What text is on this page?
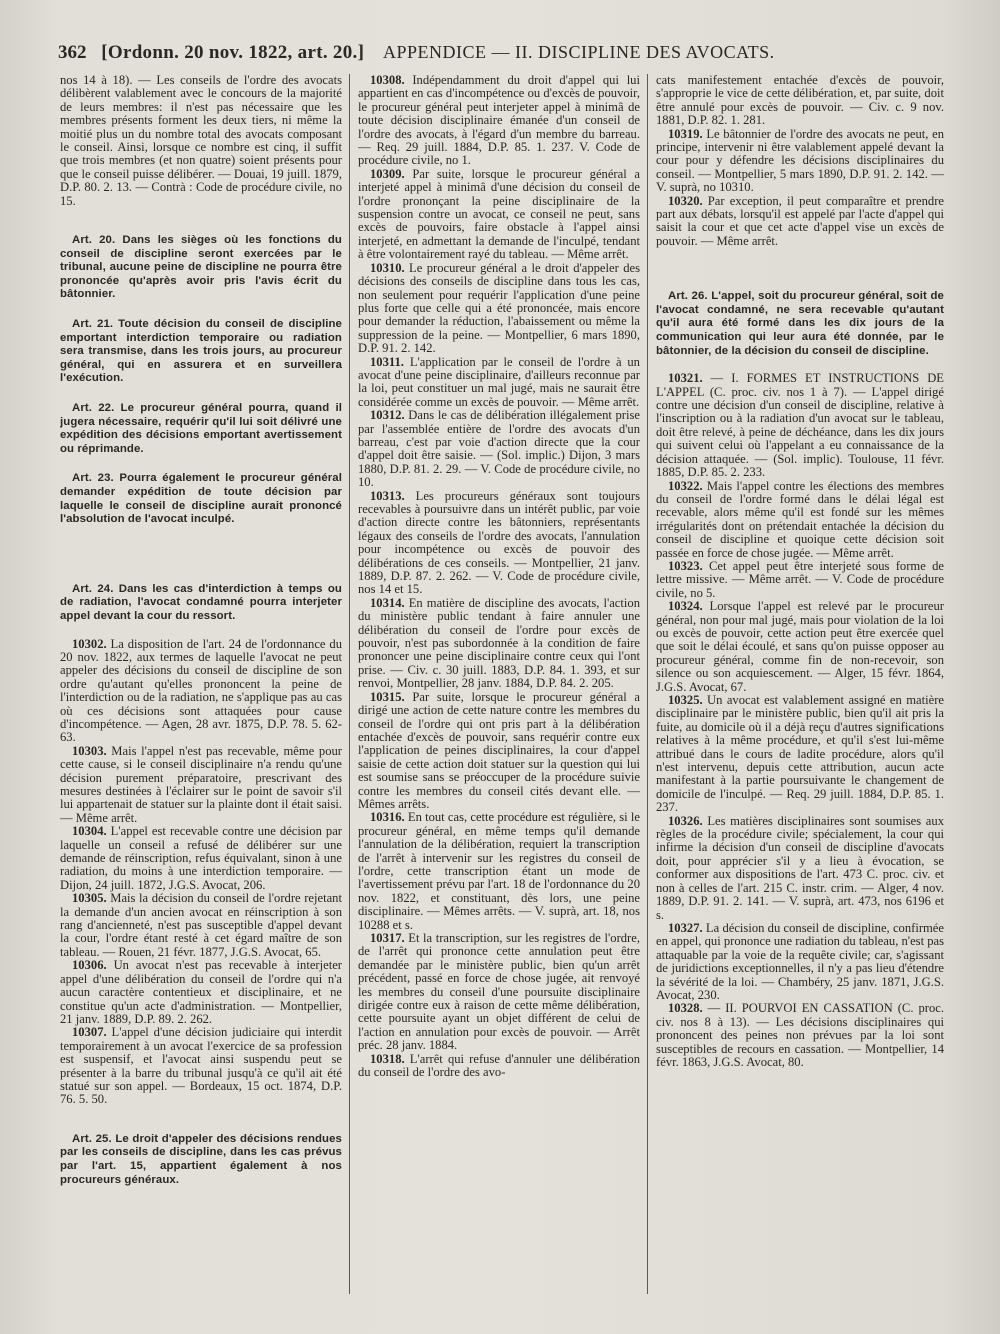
362 [Ordonn. 20 nov. 1822, art. 20.] APPENDICE — II. DISCIPLINE DES AVOCATS.

nos 14 à 18). — Les conseils de l'ordre des avocats délibèrent valablement avec le concours de la majorité de leurs membres: il n'est pas nécessaire que les membres présents forment les deux tiers, ni même la moitié plus un du nombre total des avocats composant le conseil. Ainsi, lorsque ce nombre est cinq, il suffit que trois membres (et non quatre) soient présents pour que le conseil puisse délibérer. — Douai, 19 juill. 1879, D.P. 80. 2. 13. — Contrà : Code de procédure civile, no 15.

Art. 20. Dans les sièges où les fonctions du conseil de discipline seront exercées par le tribunal, aucune peine de discipline ne pourra être prononcée qu'après avoir pris l'avis écrit du bâtonnier.

Art. 21. Toute décision du conseil de discipline emportant interdiction temporaire ou radiation sera transmise, dans les trois jours, au procureur général, qui en assurera et en surveillera l'exécution.

Art. 22. Le procureur général pourra, quand il jugera nécessaire, requérir qu'il lui soit délivré une expédition des décisions emportant avertissement ou réprimande.

Art. 23. Pourra également le procureur général demander expédition de toute décision par laquelle le conseil de discipline aurait prononcé l'absolution de l'avocat inculpé.

Art. 24. Dans les cas d'interdiction à temps ou de radiation, l'avocat condamné pourra interjeter appel devant la cour du ressort.

10302. La disposition de l'art. 24 de l'ordonnance du 20 nov. 1822, aux termes de laquelle l'avocat ne peut appeler des décisions du conseil de discipline de son ordre qu'autant qu'elles prononcent la peine de l'interdiction ou de la radiation, ne s'applique pas au cas où ces décisions sont attaquées pour cause d'incompétence. — Agen, 28 avr. 1875, D.P. 78. 5. 62-63.

10303. Mais l'appel n'est pas recevable, même pour cette cause, si le conseil disciplinaire n'a rendu qu'une décision purement préparatoire, prescrivant des mesures destinées à l'éclairer sur le point de savoir s'il lui appartenait de statuer sur la plainte dont il était saisi. — Même arrêt.

10304. L'appel est recevable contre une décision par laquelle un conseil a refusé de délibérer sur une demande de réinscription, refus équivalant, sinon à une radiation, du moins à une interdiction temporaire. — Dijon, 24 juill. 1872, J.G.S. Avocat, 206.

10305. Mais la décision du conseil de l'ordre rejetant la demande d'un ancien avocat en réinscription à son rang d'ancienneté, n'est pas susceptible d'appel devant la cour, l'ordre étant resté à cet égard maître de son tableau. — Rouen, 21 févr. 1877, J.G.S. Avocat, 65.

10306. Un avocat n'est pas recevable à interjeter appel d'une délibération du conseil de l'ordre qui n'a aucun caractère contentieux et disciplinaire, et ne constitue qu'un acte d'administration. — Montpellier, 21 janv. 1889, D.P. 89. 2. 262.

10307. L'appel d'une décision judiciaire qui interdit temporairement à un avocat l'exercice de sa profession est suspensif, et l'avocat ainsi suspendu peut se présenter à la barre du tribunal jusqu'à ce qu'il ait été statué sur son appel. — Bordeaux, 15 oct. 1874, D.P. 76. 5. 50.

Art. 25. Le droit d'appeler des décisions rendues par les conseils de discipline, dans les cas prévus par l'art. 15, appartient également à nos procureurs généraux.

10308. Indépendamment du droit d'appel qui lui appartient en cas d'incompétence ou d'excès de pouvoir, le procureur général peut interjeter appel à minimâ de toute décision disciplinaire émanée d'un conseil de l'ordre des avocats, à l'égard d'un membre du barreau. — Req. 29 juill. 1884, D.P. 85. 1. 237. V. Code de procédure civile, no 1.

10309. Par suite, lorsque le procureur général a interjeté appel à minimâ d'une décision du conseil de l'ordre prononçant la peine disciplinaire de la suspension contre un avocat, ce conseil ne peut, sans excès de pouvoirs, faire obstacle à l'appel ainsi interjeté, en admettant la demande de l'inculpé, tendant à être volontairement rayé du tableau. — Même arrêt.

10310. Le procureur général a le droit d'appeler des décisions des conseils de discipline dans tous les cas, non seulement pour requérir l'application d'une peine plus forte que celle qui a été prononcée, mais encore pour demander la réduction, l'abaissement ou même la suppression de la peine. — Montpellier, 6 mars 1890, D.P. 91. 2. 142.

10311. L'application par le conseil de l'ordre à un avocat d'une peine disciplinaire, d'ailleurs reconnue par la loi, peut constituer un mal jugé, mais ne saurait être considérée comme un excès de pouvoir. — Même arrêt.

10312. Dans le cas de délibération illégalement prise par l'assemblée entière de l'ordre des avocats d'un barreau, c'est par voie d'action directe que la cour d'appel doit être saisie. — (Sol. implic.) Dijon, 3 mars 1880, D.P. 81. 2. 29. — V. Code de procédure civile, no 10.

10313. Les procureurs généraux sont toujours recevables à poursuivre dans un intérêt public, par voie d'action directe contre les bâtonniers, représentants légaux des conseils de l'ordre des avocats, l'annulation pour incompétence ou excès de pouvoir des délibérations de ces conseils. — Montpellier, 21 janv. 1889, D.P. 87. 2. 262. — V. Code de procédure civile, nos 14 et 15.

10314. En matière de discipline des avocats, l'action du ministère public tendant à faire annuler une délibération du conseil de l'ordre pour excès de pouvoir, n'est pas subordonnée à la condition de faire prononcer une peine disciplinaire contre ceux qui l'ont prise. — Civ. c. 30 juill. 1883, D.P. 84. 1. 393, et sur renvoi, Montpellier, 28 janv. 1884, D.P. 84. 2. 205.

10315. Par suite, lorsque le procureur général a dirigé une action de cette nature contre les membres du conseil de l'ordre qui ont pris part à la délibération entachée d'excès de pouvoir, sans requérir contre eux l'application de peines disciplinaires, la cour d'appel saisie de cette action doit statuer sur la question qui lui est soumise sans se préoccuper de la procédure suivie contre les membres du conseil cités devant elle. — Mêmes arrêts.

10316. En tout cas, cette procédure est régulière, si le procureur général, en même temps qu'il demande l'annulation de la délibération, requiert la transcription de l'arrêt à intervenir sur les registres du conseil de l'ordre, cette transcription étant un mode de l'avertissement prévu par l'art. 18 de l'ordonnance du 20 nov. 1822, et constituant, dès lors, une peine disciplinaire. — Mêmes arrêts. — V. suprà, art. 18, nos 10288 et s.

10317. Et la transcription, sur les registres de l'ordre, de l'arrêt qui prononce cette annulation peut être demandée par le ministère public, bien qu'un arrêt précédent, passé en force de chose jugée, ait renvoyé les membres du conseil d'une poursuite disciplinaire dirigée contre eux à raison de cette même délibération, cette poursuite ayant un objet différent de celui de l'action en annulation pour excès de pouvoir. — Arrêt préc. 28 janv. 1884.

10318. L'arrêt qui refuse d'annuler une délibération du conseil de l'ordre des avo-

cats manifestement entachée d'excès de pouvoir, s'approprie le vice de cette délibération, et, par suite, doit être annulé pour excès de pouvoir. — Civ. c. 9 nov. 1881, D.P. 82. 1. 281.

10319. Le bâtonnier de l'ordre des avocats ne peut, en principe, intervenir ni être valablement appelé devant la cour pour y défendre les décisions disciplinaires du conseil. — Montpellier, 5 mars 1890, D.P. 91. 2. 142. — V. suprà, no 10310.

10320. Par exception, il peut comparaître et prendre part aux débats, lorsqu'il est appelé par l'acte d'appel qui saisit la cour et que cet acte d'appel vise un excès de pouvoir. — Même arrêt.

Art. 26. L'appel, soit du procureur général, soit de l'avocat condamné, ne sera recevable qu'autant qu'il aura été formé dans les dix jours de la communication qui leur aura été donnée, par le bâtonnier, de la décision du conseil de discipline.

10321. — I. FORMES ET INSTRUCTIONS DE L'APPEL (C. proc. civ. nos 1 à 7). — L'appel dirigé contre une décision d'un conseil de discipline, relative à l'inscription ou à la radiation d'un avocat sur le tableau, doit être relevé, à peine de déchéance, dans les dix jours qui suivent celui où l'appelant a eu connaissance de la décision attaquée. — (Sol. implic). Toulouse, 11 févr. 1885, D.P. 85. 2. 233.

10322. Mais l'appel contre les élections des membres du conseil de l'ordre formé dans le délai légal est recevable, alors même qu'il est fondé sur les mêmes irrégularités dont on prétendait entachée la décision du conseil de discipline et quoique cette décision soit passée en force de chose jugée. — Même arrêt.

10323. Cet appel peut être interjeté sous forme de lettre missive. — Même arrêt. — V. Code de procédure civile, no 5.

10324. Lorsque l'appel est relevé par le procureur général, non pour mal jugé, mais pour violation de la loi ou excès de pouvoir, cette action peut être exercée quel que soit le délai écoulé, et sans qu'on puisse opposer au procureur général, comme fin de non-recevoir, son silence ou son acquiescement. — Alger, 15 févr. 1864, J.G.S. Avocat, 67.

10325. Un avocat est valablement assigné en matière disciplinaire par le ministère public, bien qu'il ait pris la fuite, au domicile où il a déjà reçu d'autres significations relatives à la même procédure, et qu'il s'est lui-même attribué dans le cours de ladite procédure, alors qu'il n'est intervenu, depuis cette attribution, aucun acte manifestant à la partie poursuivante le changement de domicile de l'inculpé. — Req. 29 juill. 1884, D.P. 85. 1. 237.

10326. Les matières disciplinaires sont soumises aux règles de la procédure civile; spécialement, la cour qui infirme la décision d'un conseil de discipline d'avocats doit, pour apprécier s'il y a lieu à évocation, se conformer aux dispositions de l'art. 473 C. proc. civ. et non à celles de l'art. 215 C. instr. crim. — Alger, 4 nov. 1889, D.P. 91. 2. 141. — V. suprà, art. 473, nos 6196 et s.

10327. La décision du conseil de discipline, confirmée en appel, qui prononce une radiation du tableau, n'est pas attaquable par la voie de la requête civile; car, s'agissant de juridictions exceptionnelles, il n'y a pas lieu d'étendre la sévérité de la loi. — Chambéry, 25 janv. 1871, J.G.S. Avocat, 230.

10328. — II. POURVOI EN CASSATION (C. proc. civ. nos 8 à 13). — Les décisions disciplinaires qui prononcent des peines non prévues par la loi sont susceptibles de recours en cassation. — Montpellier, 14 févr. 1863, J.G.S. Avocat, 80.
